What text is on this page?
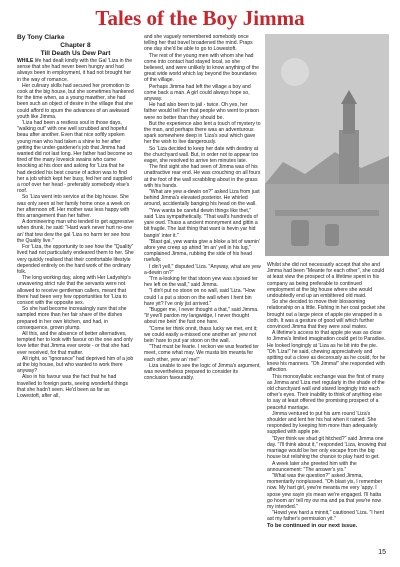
Tales of the Boy Jimma

By Tony Clarke

Chapter 8

Till Death Us Dew Part

WHILE life had dealt kindly with the Gal 'Liza in the sense that she had never been hungry and had always been in employment, it had not brought her in the way of romance.

Her culinary skills had secured her promotion to cook at the big house, but she sometimes hankered for the time when, as a young mawther, she had been such an object of desire in the village that she could afford to spurn the advances of an awkward youth like Jimma.

'Liza had been a restless soul in those days, "walking out" with one well scrubbed and hopeful beau after another. Even that nice softly spoken young man who had taken a shine to her after getting the under-gardener's job that Jimma had wanted did not last long. Her father had become so tired of the many lovesick swains who came knocking at his door and asking for 'Liza that he had decided his best course of action was to find her a job which kept her busy, fed her and supplied a roof over her head - preferably somebody else's roof.

So 'Liza went into service at the big house. She was only seen at her family home once a week on her afternoon off. Her mother was less happy with this arrangement than her father.

A domineering man who tended to get aggressive when drunk, he said: "Hard wark never hurt no-one an' that tew dew the gal 'Liza no harm ter see how the Quality live."

For 'Liza, the opportunity to see how the "Quality" lived had not particularly endeared them to her. She very quickly realised that their comfortable lifestyle depended entirely on the hard work of the ordinary folk.

The long working day, along with Her Ladyship's unwavering strict rule that the servants were not allowed to receive gentleman callers, meant that there had been very few opportunities for 'Liza to consort with the opposite sex.

So she had become increasingly sure that she sampled more than her fair share of the dishes prepared in her own kitchen, and had, in consequence, grown plump.

All this, and the absence of better alternatives, tempted her to look with favour on the one and only love letter that Jimma ever wrote - or that she had ever received, for that matter.

All right, so "ignorance" had deprived him of a job at the big house, but who wanted to work there anyway?

Also in his favour was the fact that he had travelled to foreign parts, seeing wonderful things that she hadn't seen. He'd been as far as Lowestoft, after all,

and she vaguely remembered somebody once telling her that travel broadened the mind. Praps one day she'd be able to go to Lowestoft.

The rest of the young men with whom she had come into contact had stayed local, so she believed, and were unlikely to know anything of the great wide world which lay beyond the boundaries of the village.

Perhaps Jimma had left the village a boy and come back a man. A girl could always hope so, anyway.

He had also been to jail - twice. Oh yes, her father would tell her that people who went to prison were no better than they should be.

But the experience also lent a touch of mystery to the man, and perhaps there was an adventurous spark somewhere deep in 'Liza's soul which gave her the wish to live dangerously.

So 'Liza decided to keep her date with destiny at the churchyard wall. But, in order not to appear too eager, she resolved to arrive ten minutes late.

The first sight she had seen of Jimma was of his unattractive rear end. He was crouching on all fours at the foot of the wall scrabbling about in the grass with his hands.

"What are yew a-dewin on?" asked Liza from just behind Jimma's elevated posterior. He whirled around, accidentally banging his head on the wall.

"Yew wanta be careful dewin things like thet," said 'Liza sympathetically. "That wall's hundreds of yare owd. Thass a ancient monnyment and gittin a bit fragile. The last thing that want is hevin yar hid bangin' inter it."

"Blast gal, yew wanta give a bloke a bit of warnin' afore yew creep up ahind 'im an' yell in his lug," complained Jimma, rubbing the side of his head ruefully.

I din't yell," disputed 'Liza. "Anyway, what are yew a-dewin on?"

"I'm a-looking fer that stoon yew was s'posed ter hev left on the wall," said Jimma.

"I din't put no stoon on no wall, said 'Liza. "How could I a put a stoon on the wall when I hent bin hare yit? I've only jist arrived."

"Bugger me, I never thought a that," said Jimma. "If yew'll pardon my langwidge, I never thought about me bein' the fust one hare.

"Come ter think onnit, thass lucky we met, ent it; we could easily a-missed one another an' yew not bein' hare to put yar stoon on the wall.

"That must be fearte. I reckon we wus fearted ter meet, come what may. We musta bin meanta fer each other, yew an' me!"

Liza unable to see the logic of Jimma's argument, was nevertheless prepared to consider its conclusion favourably.

Whilst she did not necessarily accept that she and Jimma had been "Meante for each other", she could at least view the prospect of a lifetime spent in his company as being preferable to continued employment at the big house where she would undoubtedly end up an embittered old maid.

So she decided to move their blossoming relationship on a little. Fishing in her coat pocket she brought out a large piece of apple pie wrapped in a cloth. It was a gesture of good will which further convinced Jimma that they were soul mates.

A lifetime's access to that apple pie was as close to Jimma's limited imagination could get to Paradise. He looked longingly at 'Liza as he bit into the pie. "Oh 'Liza!" he said, chewing appreciatively and spitting out a clove as decorously as he could, for he knew his manners. "Oh Jimma!" she responded with affection.

This monosyllabic exchange was the first of many as Jimma and 'Liza met regularly in the shade of the old churchyard wall and stared longingly into each other's eyes. Their inability to think of anything else to say at least offered the promising prospect of a peaceful marriage.

Jimma ventured to put his arm round 'Liza's shoulder and lent her his hat when it rained. She responded by keeping him more than adequately supplied with apple pie.

"Dyer think we shud git hitched?" said Jimma one day. "I'll think about it," responded 'Liza, knowing that marriage would be her only escape from the big house but relishing the chance to play hard to get.

A week later she greeted him with the announcement: "The answer's yis."

"What was the question?" asked Jimma, momentarily nonplussed. "Oh blast yis, I remember now. My hart girl, yew're meanta me very 'appy. I spose yew sayin yis mean we're engaged. I'll hatta go hoom an' tell my ow ma and pa that yew're now my intended."

"Howd yew hard a minnit," cautioned 'Liza. "I hent ast my father's permission yit."

To be continued in our next issue.

15
